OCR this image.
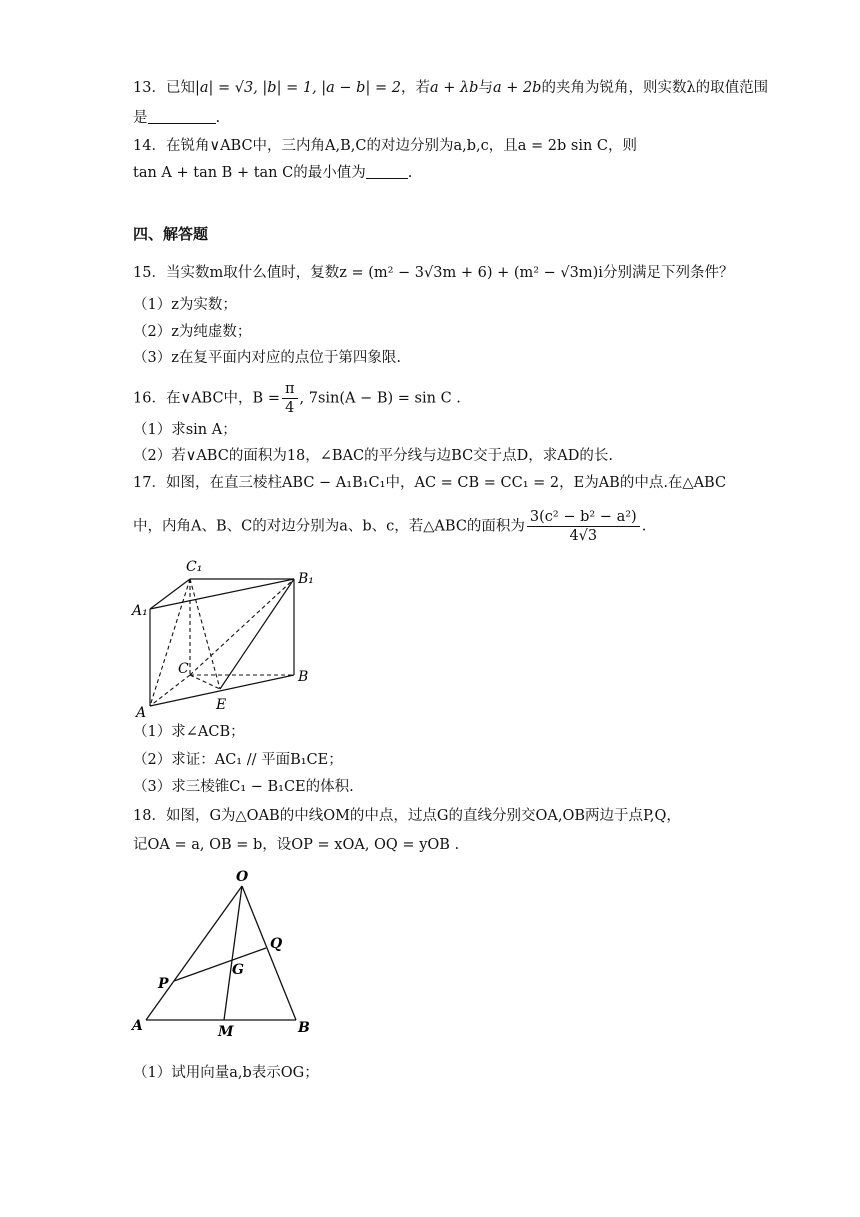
13．已知|a| = √3, |b| = 1, |a − b| = 2，若a + λb与a + 2b的夹角为锐角，则实数λ的取值范围
是	.
14．在锐角∨ABC中，三内角A,B,C的对边分别为a,b,c，且a = 2b sin C，则
tan A + tan B + tan C的最小值为	.
四、解答题
15．当实数m取什么值时，复数z = (m² − 3√3m + 6) + (m² − √3m)i分别满足下列条件？
（1）z为实数；
（2）z为纯虚数；
（3）z在复平面内对应的点位于第四象限.
16．在∨ABC中，$B = \frac{\pi}{4}$ , 7sin(A − B) = sin C .
（1）求sin A；
（2）若∨ABC的面积为18，∠BAC的平分线与边BC交于点D，求AD的长.
17．如图，在直三棱柱ABC − A₁B₁C₁中，AC = CB = CC₁ = 2，E为AB的中点.在△ABC
中，内角A、B、C的对边分别为a、b、c，若△ABC的面积为 $\frac{\text{3(c² − b² − a²)}}{4√3}$ .
C₁
B₁
A₁
C	B
A	E
（1）求∠ACB；
（2）求证：AC₁ // 平面B₁CE；
（3）求三棱锥C₁ − B₁CE的体积.
18．如图，G为△OAB的中线OM的中点，过点G的直线分别交OA,OB两边于点P,Q，
记OA = a, OB = b，设OP = xOA, OQ = yOB .
O
Q
P
G
A	M	B
（1）试用向量a,b表示OG；
